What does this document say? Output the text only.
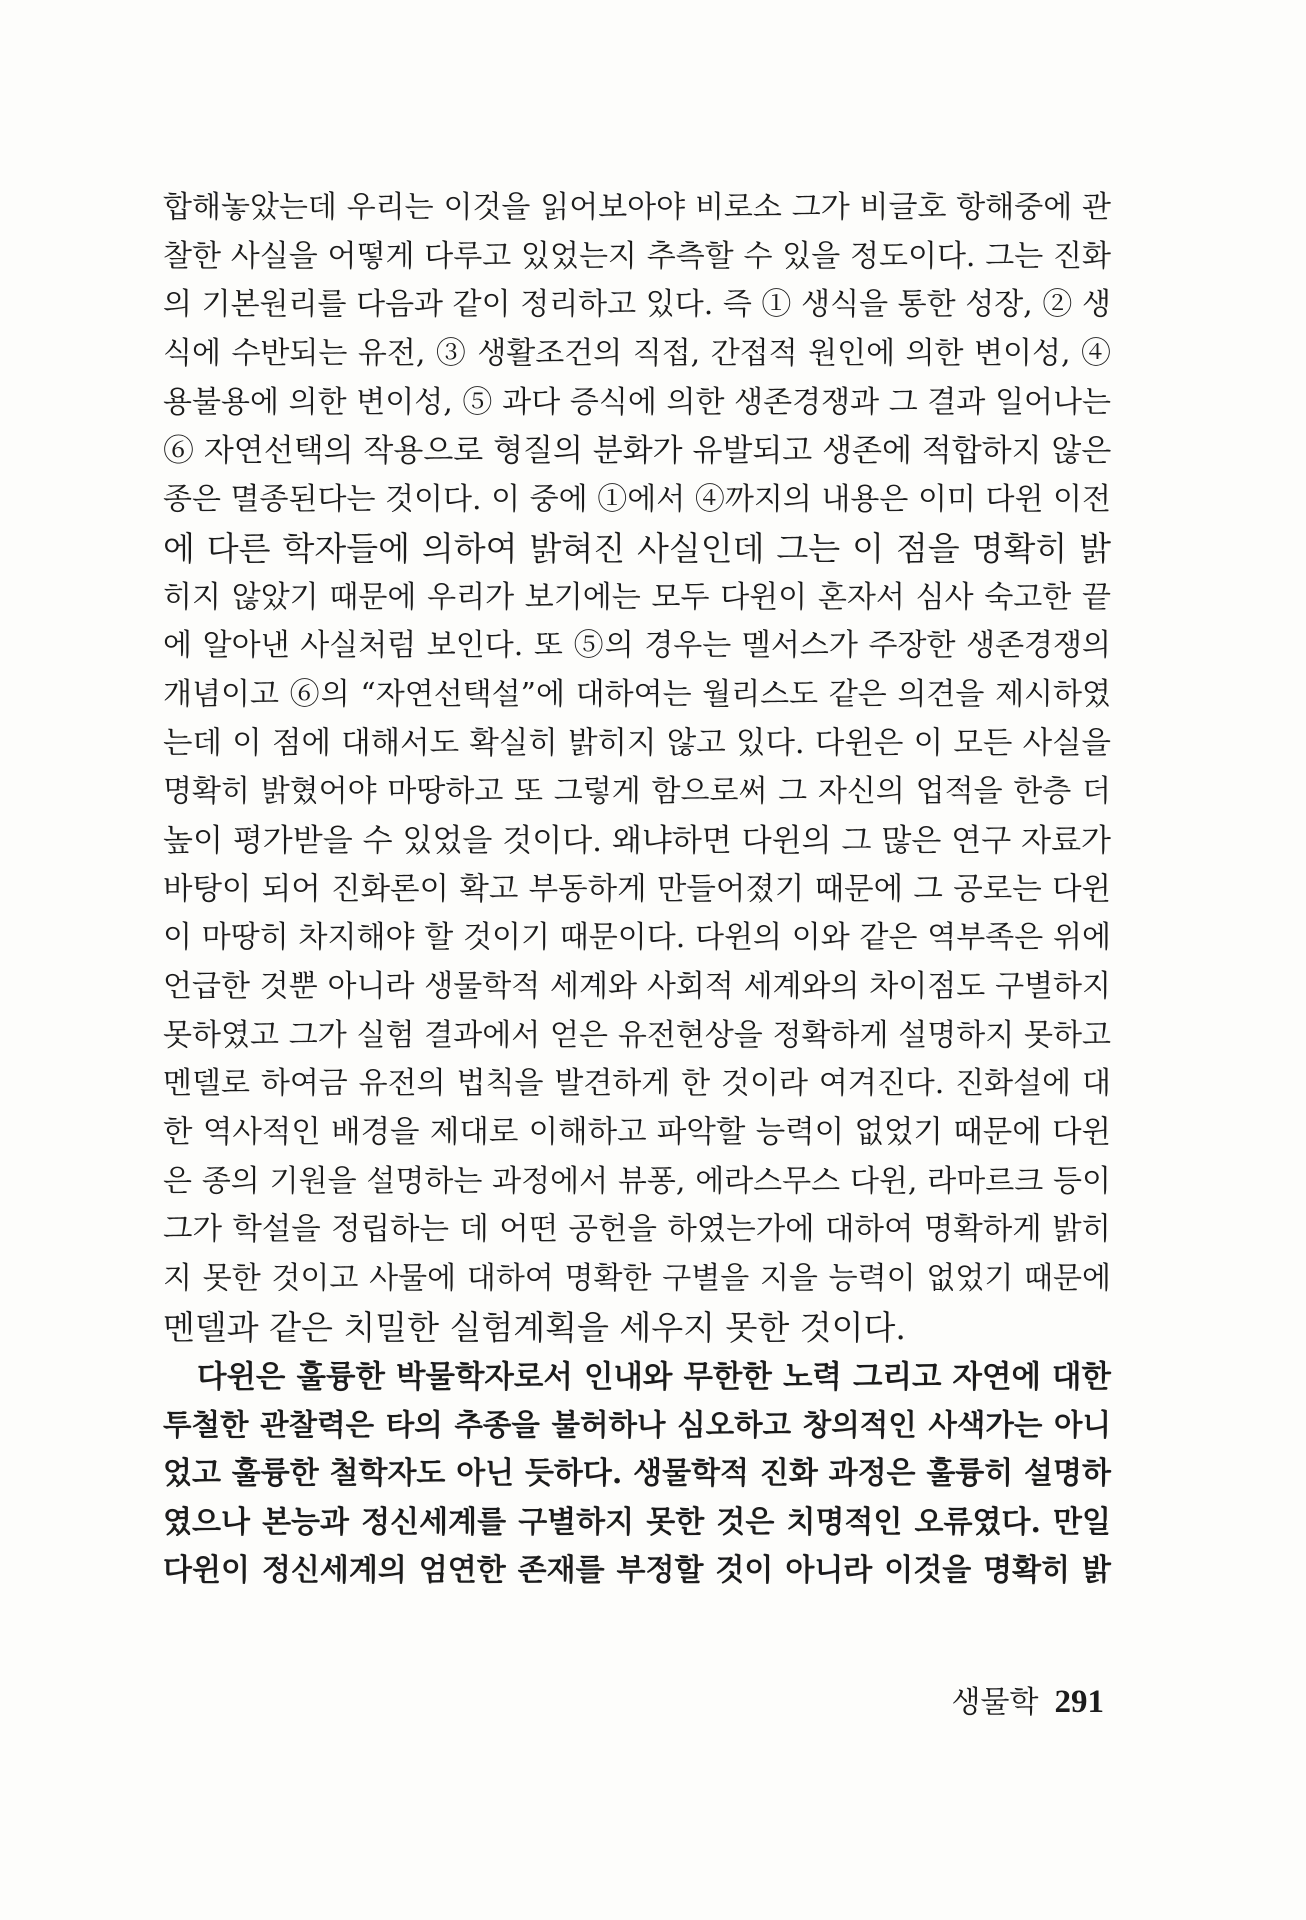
합해놓았는데 우리는 이것을 읽어보아야 비로소 그가 비글호 항해중에 관
찰한 사실을 어떻게 다루고 있었는지 추측할 수 있을 정도이다. 그는 진화
의 기본원리를 다음과 같이 정리하고 있다. 즉 ① 생식을 통한 성장, ② 생
식에 수반되는 유전, ③ 생활조건의 직접, 간접적 원인에 의한 변이성, ④
용불용에 의한 변이성, ⑤ 과다 증식에 의한 생존경쟁과 그 결과 일어나는
⑥ 자연선택의 작용으로 형질의 분화가 유발되고 생존에 적합하지 않은
종은 멸종된다는 것이다. 이 중에 ①에서 ④까지의 내용은 이미 다윈 이전
에 다른 학자들에 의하여 밝혀진 사실인데 그는 이 점을 명확히 밝
히지 않았기 때문에 우리가 보기에는 모두 다윈이 혼자서 심사 숙고한 끝
에 알아낸 사실처럼 보인다. 또 ⑤의 경우는 멜서스가 주장한 생존경쟁의
개념이고 ⑥의 “자연선택설”에 대하여는 월리스도 같은 의견을 제시하였
는데 이 점에 대해서도 확실히 밝히지 않고 있다. 다윈은 이 모든 사실을
명확히 밝혔어야 마땅하고 또 그렇게 함으로써 그 자신의 업적을 한층 더
높이 평가받을 수 있었을 것이다. 왜냐하면 다윈의 그 많은 연구 자료가
바탕이 되어 진화론이 확고 부동하게 만들어졌기 때문에 그 공로는 다윈
이 마땅히 차지해야 할 것이기 때문이다. 다윈의 이와 같은 역부족은 위에
언급한 것뿐 아니라 생물학적 세계와 사회적 세계와의 차이점도 구별하지
못하였고 그가 실험 결과에서 얻은 유전현상을 정확하게 설명하지 못하고
멘델로 하여금 유전의 법칙을 발견하게 한 것이라 여겨진다. 진화설에 대
한 역사적인 배경을 제대로 이해하고 파악할 능력이 없었기 때문에 다윈
은 종의 기원을 설명하는 과정에서 뷰퐁, 에라스무스 다윈, 라마르크 등이
그가 학설을 정립하는 데 어떤 공헌을 하였는가에 대하여 명확하게 밝히
지 못한 것이고 사물에 대하여 명확한 구별을 지을 능력이 없었기 때문에
멘델과 같은 치밀한 실험계획을 세우지 못한 것이다.
다윈은 훌륭한 박물학자로서 인내와 무한한 노력 그리고 자연에 대한
투철한 관찰력은 타의 추종을 불허하나 심오하고 창의적인 사색가는 아니
었고 훌륭한 철학자도 아닌 듯하다. 생물학적 진화 과정은 훌륭히 설명하
였으나 본능과 정신세계를 구별하지 못한 것은 치명적인 오류였다. 만일
다윈이 정신세계의 엄연한 존재를 부정할 것이 아니라 이것을 명확히 밝
생물학 291
